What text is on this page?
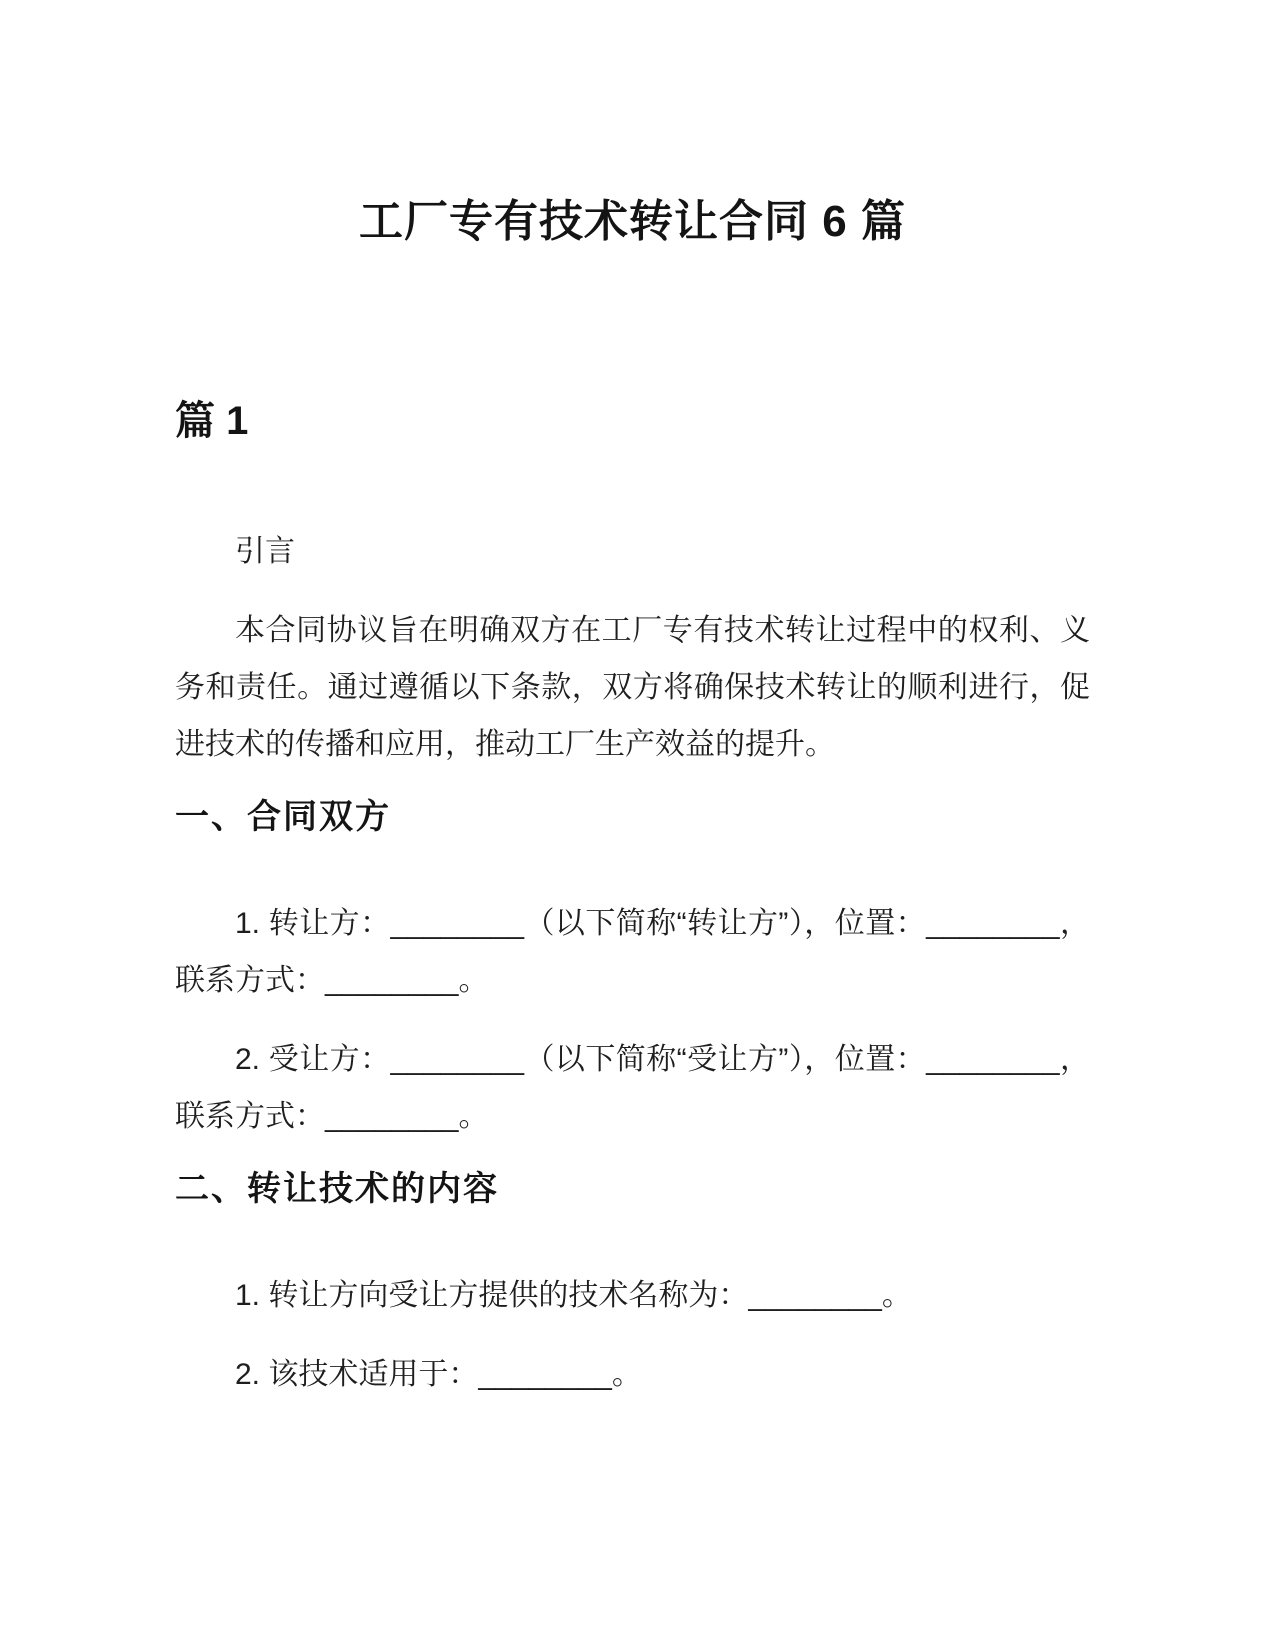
工厂专有技术转让合同 6 篇
篇 1

引言

本合同协议旨在明确双方在工厂专有技术转让过程中的权利、义务和责任。通过遵循以下条款，双方将确保技术转让的顺利进行，促进技术的传播和应用，推动工厂生产效益的提升。

一、合同双方

1. 转让方：________（以下简称“转让方”），位置：________，联系方式：________。

2. 受让方：________（以下简称“受让方”），位置：________，联系方式：________。

二、转让技术的内容

1. 转让方向受让方提供的技术名称为：________。

2. 该技术适用于：________。
